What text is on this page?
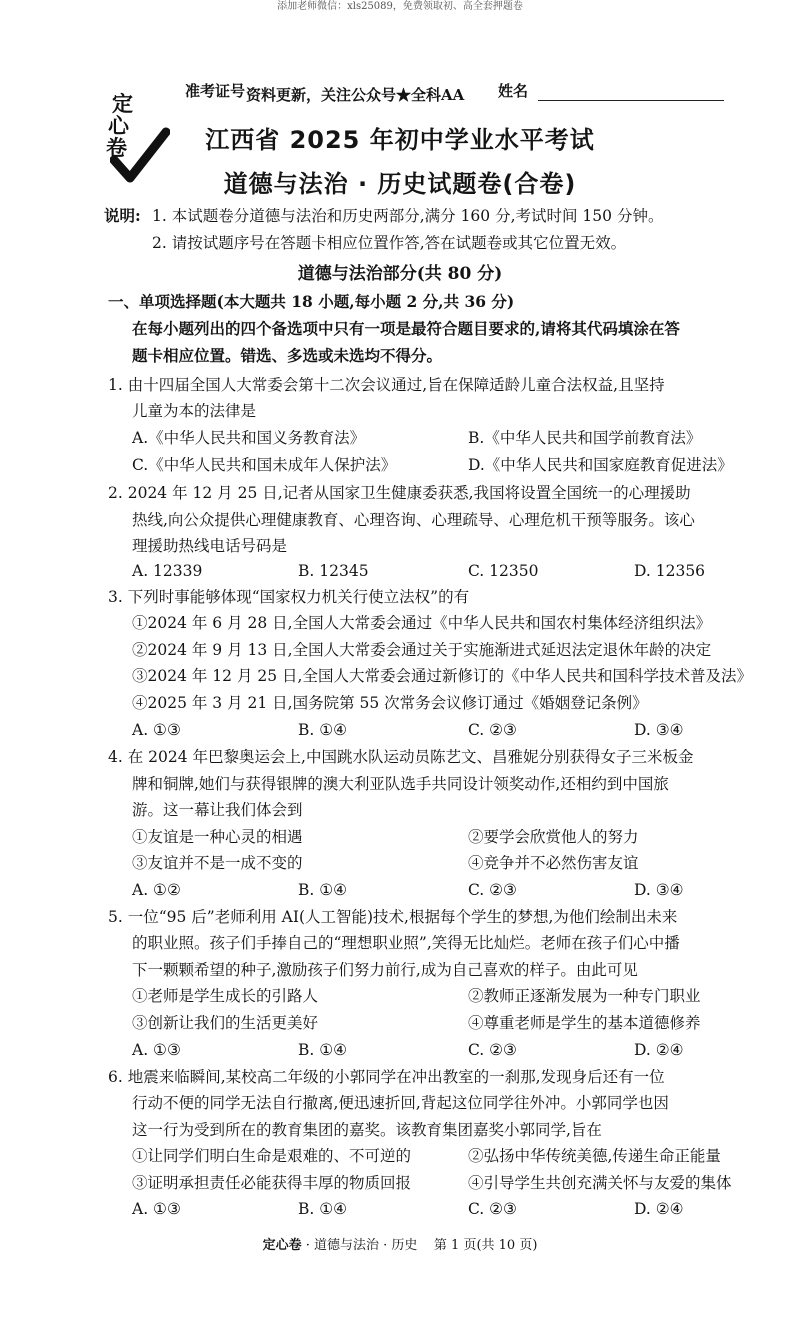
添加老师微信：xls25089，免费领取初、高全套押题卷
定
心
卷
准考证号 资料更新，关注公众号★全科AA 姓名
江西省 2025 年初中学业水平考试
道德与法治 · 历史试题卷(合卷)
说明: 1. 本试题卷分道德与法治和历史两部分,满分 160 分,考试时间 150 分钟。
2. 请按试题序号在答题卡相应位置作答,答在试题卷或其它位置无效。
道德与法治部分(共 80 分)
一、单项选择题(本大题共 18 小题,每小题 2 分,共 36 分)
在每小题列出的四个备选项中只有一项是最符合题目要求的,请将其代码填涂在答
题卡相应位置。错选、多选或未选均不得分。
1. 由十四届全国人大常委会第十二次会议通过,旨在保障适龄儿童合法权益,且坚持
儿童为本的法律是
A.《中华人民共和国义务教育法》	B.《中华人民共和国学前教育法》
C.《中华人民共和国未成年人保护法》	D.《中华人民共和国家庭教育促进法》
2. 2024 年 12 月 25 日,记者从国家卫生健康委获悉,我国将设置全国统一的心理援助
热线,向公众提供心理健康教育、心理咨询、心理疏导、心理危机干预等服务。该心
理援助热线电话号码是
A. 12339	B. 12345	C. 12350	D. 12356
3. 下列时事能够体现“国家权力机关行使立法权”的有
①2024 年 6 月 28 日,全国人大常委会通过《中华人民共和国农村集体经济组织法》
②2024 年 9 月 13 日,全国人大常委会通过关于实施渐进式延迟法定退休年龄的决定
③2024 年 12 月 25 日,全国人大常委会通过新修订的《中华人民共和国科学技术普及法》
④2025 年 3 月 21 日,国务院第 55 次常务会议修订通过《婚姻登记条例》
A. ①③	B. ①④	C. ②③	D. ③④
4. 在 2024 年巴黎奥运会上,中国跳水队运动员陈艺文、昌雅妮分别获得女子三米板金
牌和铜牌,她们与获得银牌的澳大利亚队选手共同设计领奖动作,还相约到中国旅
游。这一幕让我们体会到
①友谊是一种心灵的相遇	②要学会欣赏他人的努力
③友谊并不是一成不变的	④竞争并不必然伤害友谊
A. ①②	B. ①④	C. ②③	D. ③④
5. 一位“95 后”老师利用 AI(人工智能)技术,根据每个学生的梦想,为他们绘制出未来
的职业照。孩子们手捧自己的“理想职业照”,笑得无比灿烂。老师在孩子们心中播
下一颗颗希望的种子,激励孩子们努力前行,成为自己喜欢的样子。由此可见
①老师是学生成长的引路人	②教师正逐渐发展为一种专门职业
③创新让我们的生活更美好	④尊重老师是学生的基本道德修养
A. ①③	B. ①④	C. ②③	D. ②④
6. 地震来临瞬间,某校高二年级的小郭同学在冲出教室的一刹那,发现身后还有一位
行动不便的同学无法自行撤离,便迅速折回,背起这位同学往外冲。小郭同学也因
这一行为受到所在的教育集团的嘉奖。该教育集团嘉奖小郭同学,旨在
①让同学们明白生命是艰难的、不可逆的	②弘扬中华传统美德,传递生命正能量
③证明承担责任必能获得丰厚的物质回报	④引导学生共创充满关怀与友爱的集体
A. ①③	B. ①④	C. ②③	D. ②④
定心卷 · 道德与法治 · 历史    第 1 页(共 10 页)
